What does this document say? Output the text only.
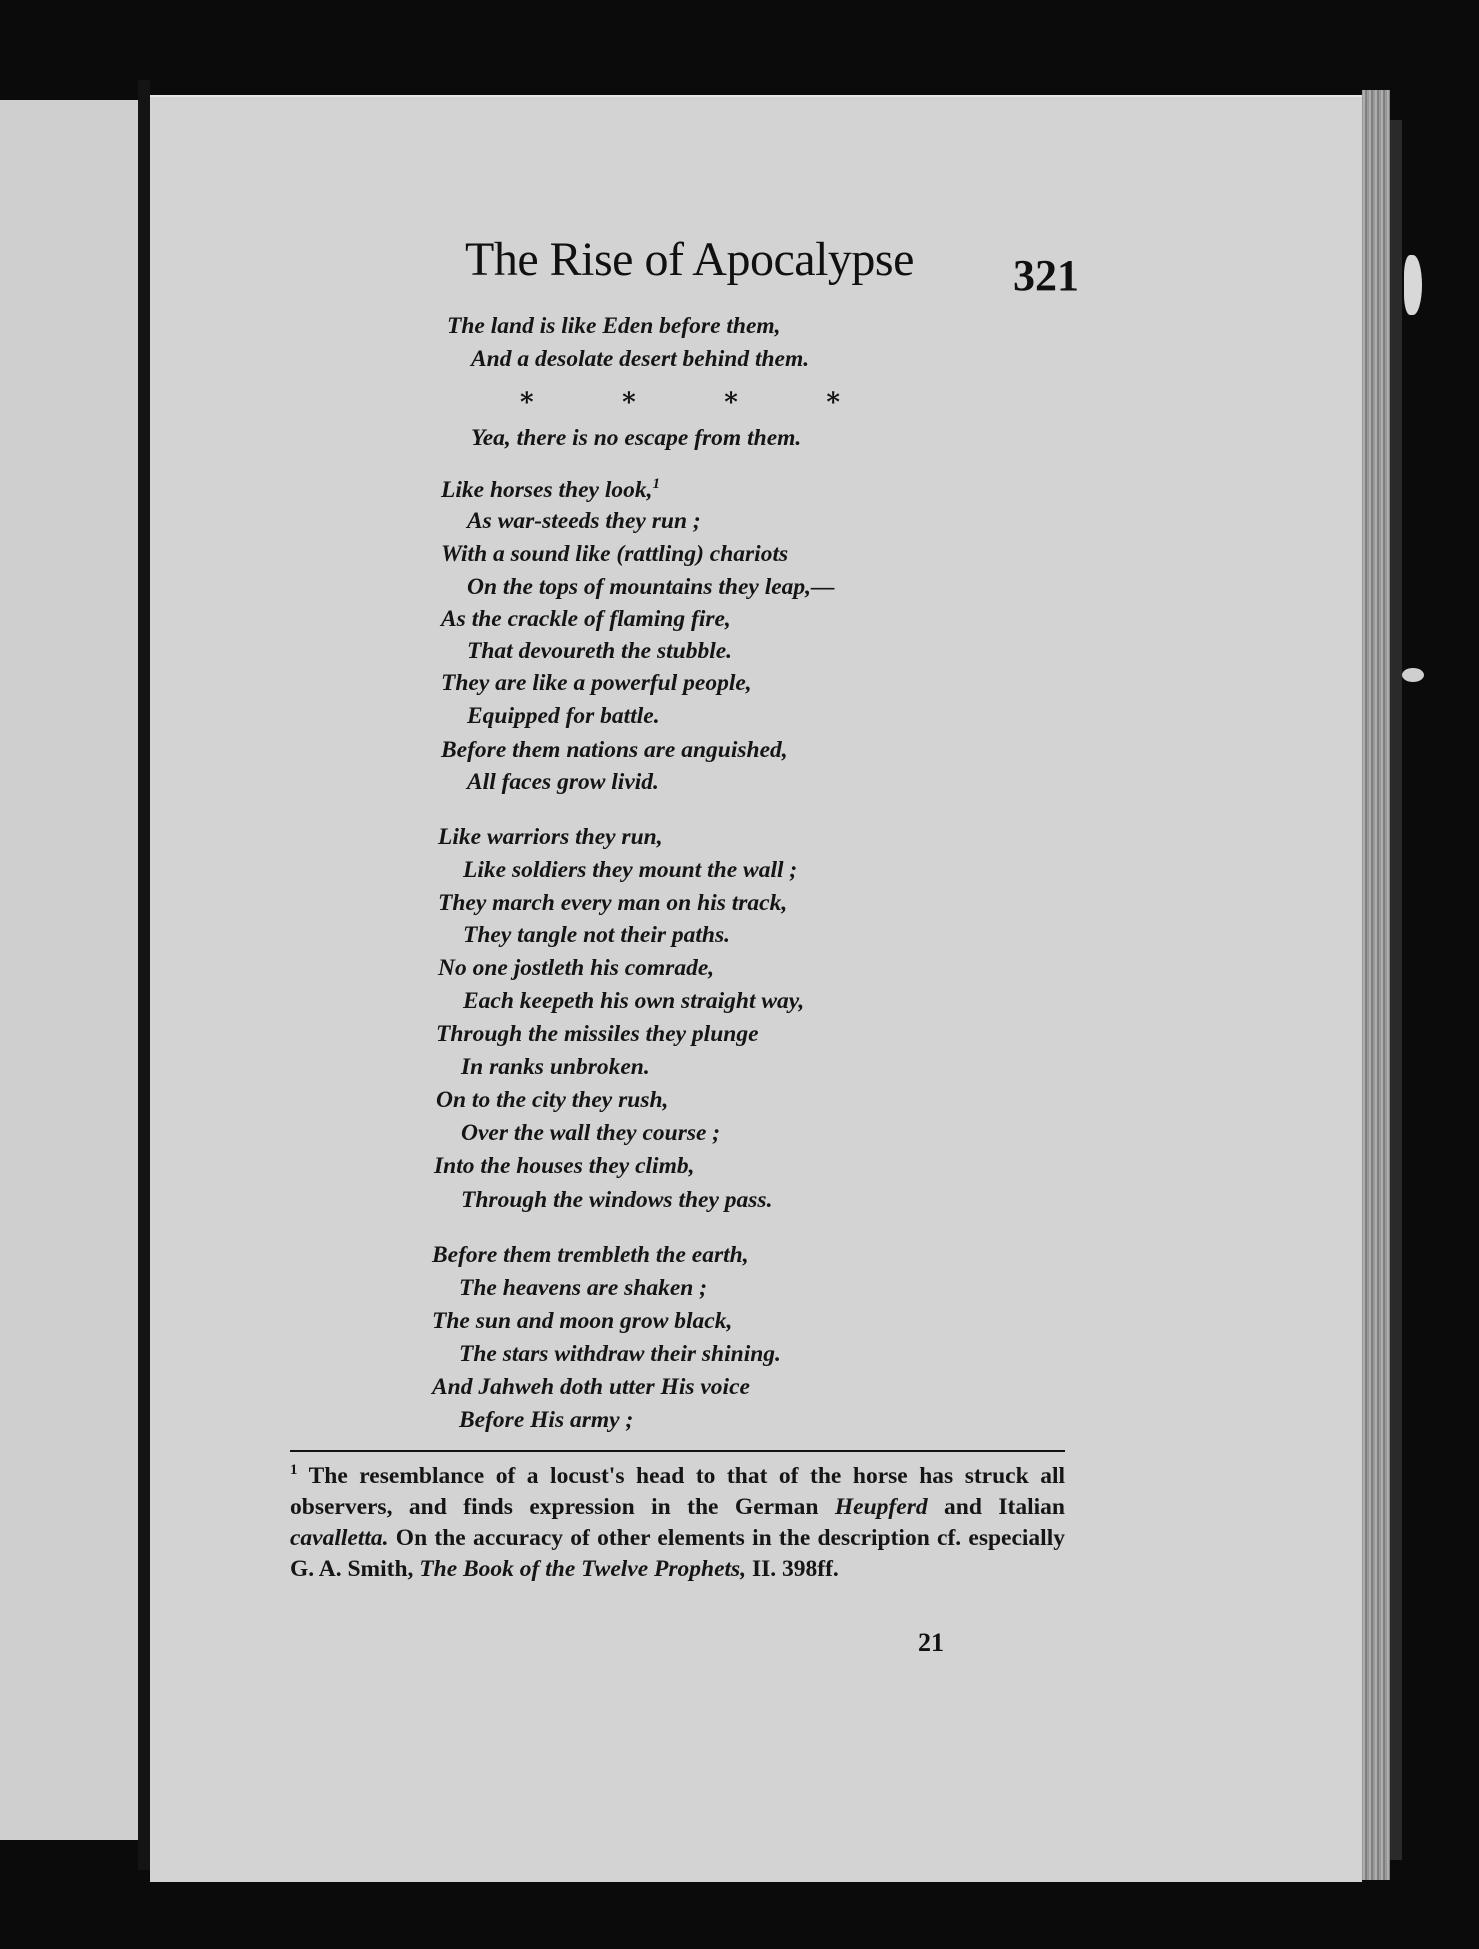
The Rise of Apocalypse 321
The land is like Eden before them,
And a desolate desert behind them.
*	*	*	*
Yea, there is no escape from them.
Like horses they look,$^1$
As war-steeds they run ;
With a sound like (rattling) chariots
On the tops of mountains they leap,—
As the crackle of flaming fire,
That devoureth the stubble.
They are like a powerful people,
Equipped for battle.
Before them nations are anguished,
All faces grow livid.
Like warriors they run,
Like soldiers they mount the wall ;
They march every man on his track,
They tangle not their paths.
No one jostleth his comrade,
Each keepeth his own straight way,
Through the missiles they plunge
In ranks unbroken.
On to the city they rush,
Over the wall they course ;
Into the houses they climb,
Through the windows they pass.
Before them trembleth the earth,
The heavens are shaken ;
The sun and moon grow black,
The stars withdraw their shining.
And Jahweh doth utter His voice
Before His army ;
$^1$ The resemblance of a locust's head to that of the horse has struck all observers, and finds expression in the German Heupferd and Italian cavalletta. On the accuracy of other elements in the description cf. especially G. A. Smith, The Book of the Twelve Prophets, II. 398ff.
21
